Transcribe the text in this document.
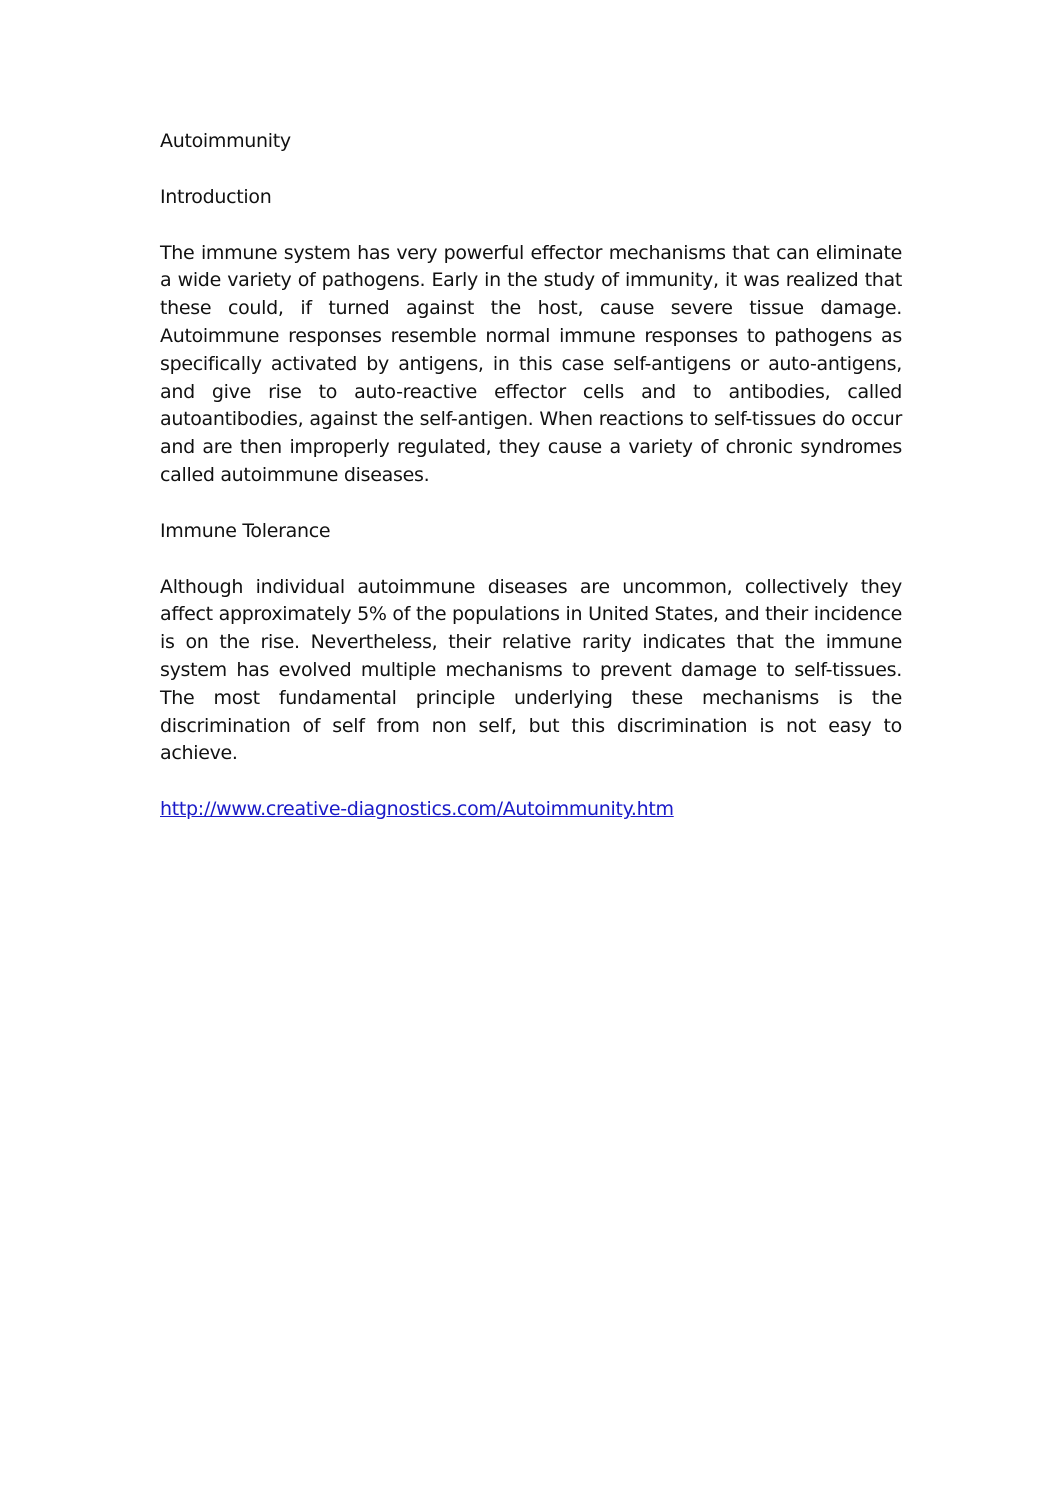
Autoimmunity

Introduction

The immune system has very powerful effector mechanisms that can eliminate a wide variety of pathogens. Early in the study of immunity, it was realized that these could, if turned against the host, cause severe tissue damage. Autoimmune responses resemble normal immune responses to pathogens as specifically activated by antigens, in this case self-antigens or auto-antigens, and give rise to auto-reactive effector cells and to antibodies, called autoantibodies, against the self-antigen. When reactions to self-tissues do occur and are then improperly regulated, they cause a variety of chronic syndromes called autoimmune diseases.

Immune Tolerance

Although individual autoimmune diseases are uncommon, collectively they affect approximately 5% of the populations in United States, and their incidence is on the rise. Nevertheless, their relative rarity indicates that the immune system has evolved multiple mechanisms to prevent damage to self-tissues. The most fundamental principle underlying these mechanisms is the discrimination of self from non self, but this discrimination is not easy to achieve.

http://www.creative-diagnostics.com/Autoimmunity.htm
